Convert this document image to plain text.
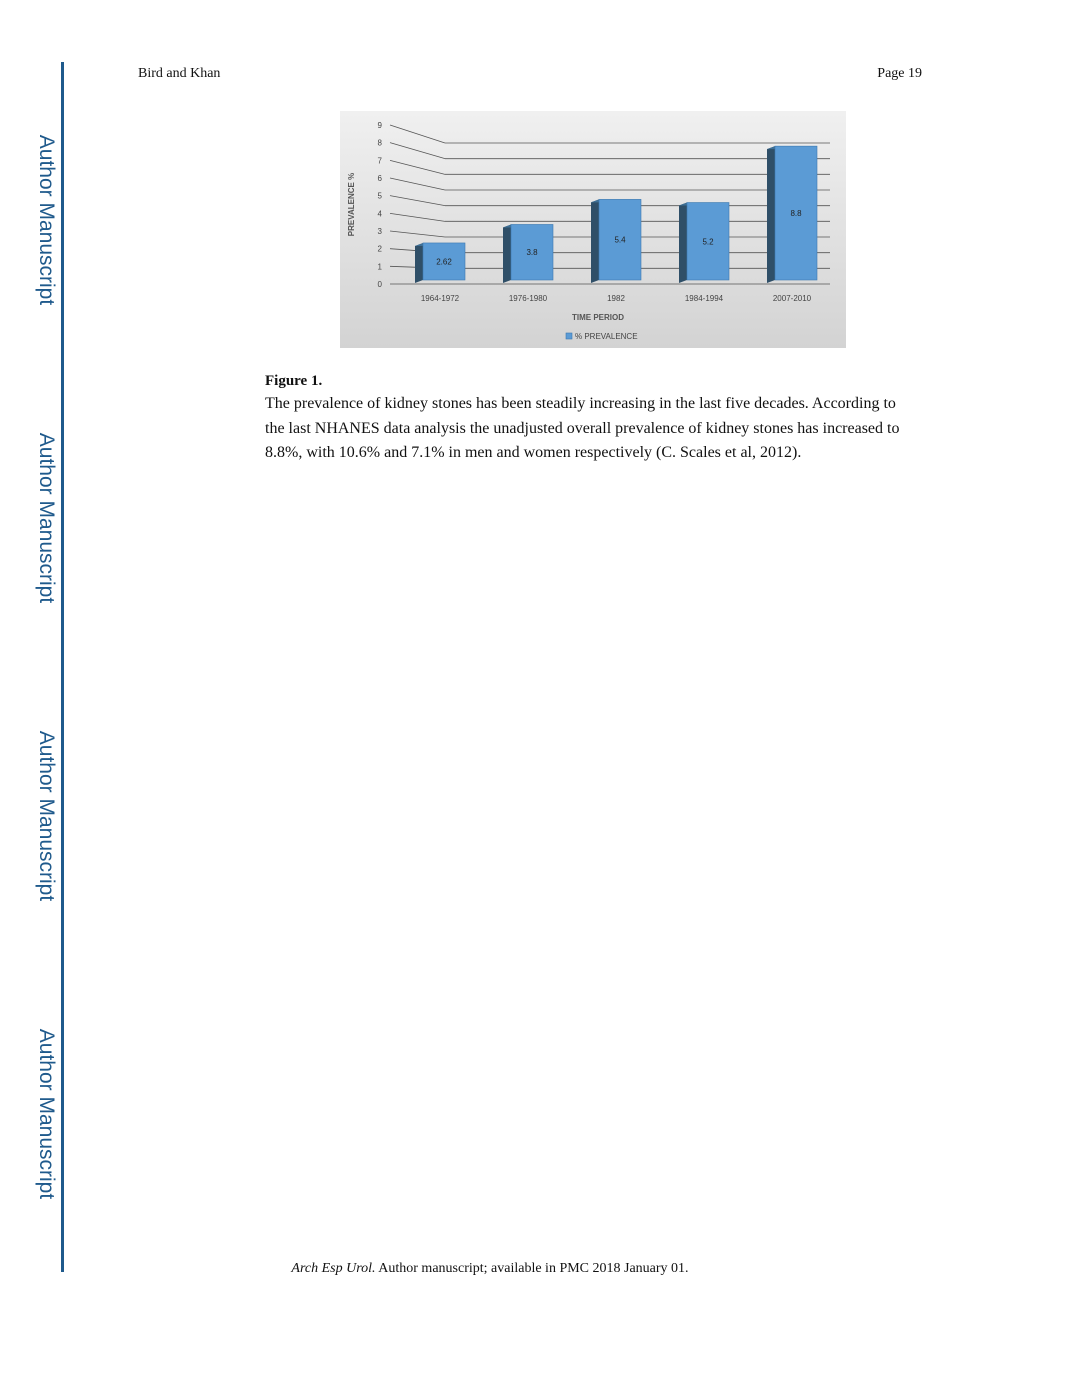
Author Manuscript
Author Manuscript
Author Manuscript
Author Manuscript
Bird and Khan	Page 19
0
1
2
3
4
5
6
7
8
9
PREVALENCE %
2.62
1964-1972
3.8
1976-1980
5.4
1982
5.2
1984-1994
8.8
2007-2010
TIME PERIOD
% PREVALENCE
Figure 1.
The prevalence of kidney stones has been steadily increasing in the last five decades. According to the last NHANES data analysis the unadjusted overall prevalence of kidney stones has increased to 8.8%, with 10.6% and 7.1% in men and women respectively (C. Scales et al, 2012).
Arch Esp Urol. Author manuscript; available in PMC 2018 January 01.
